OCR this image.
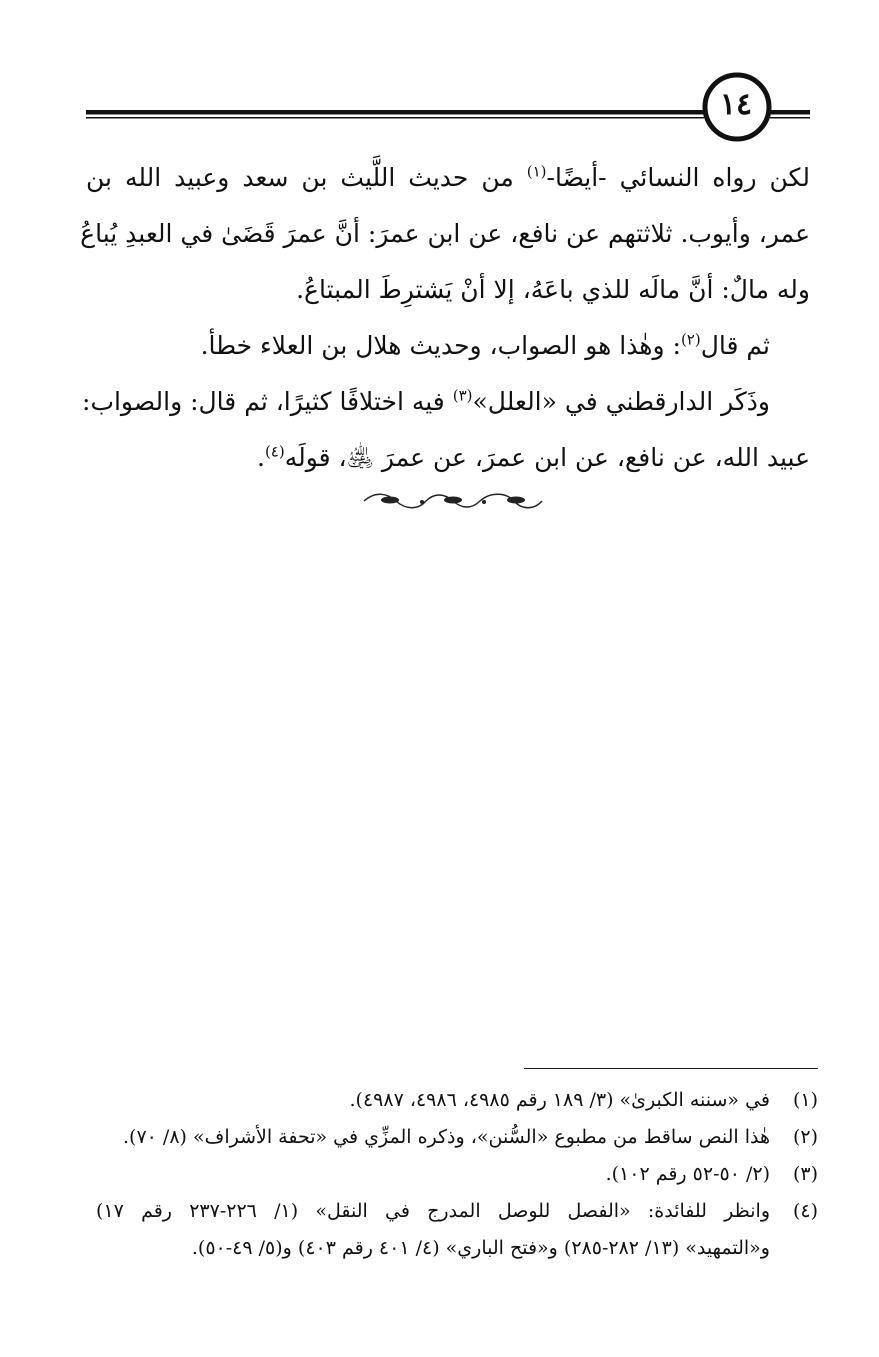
١٤
لكن رواه النسائي -أيضًا-$^{(١)}$ من حديث اللَّيث بن سعد وعبيد الله بن
عمر، وأيوب. ثلاثتهم عن نافع، عن ابن عمرَ: أنَّ عمرَ قَضَىٰ في العبدِ يُباعُ
وله مالٌ: أنَّ مالَه للذي باعَهُ، إلا أنْ يَشترِطَ المبتاعُ.
ثم قال$^{(٢)}$: وهٰذا هو الصواب، وحديث هلال بن العلاء خطأ.
وذَكَر الدارقطني في «العلل»$^{(٣)}$ فيه اختلافًا كثيرًا، ثم قال: والصواب:
عبيد الله، عن نافع، عن ابن عمرَ، عن عمرَ ﵁، قولَه$^{(٤)}$.
(١)
في «سننه الكبرىٰ» (٣/ ١٨٩ رقم ٤٩٨٥، ٤٩٨٦، ٤٩٨٧).
(٢)
هٰذا النص ساقط من مطبوع «السُّنن»، وذكره المزِّي في «تحفة الأشراف» (٨/ ٧٠).
(٣)
(٢/ ٥٠-٥٢ رقم ١٠٢).
(٤)
وانظر للفائدة: «الفصل للوصل المدرج في النقل» (١/ ٢٢٦-٢٣٧ رقم ١٧)
و«التمهيد» (١٣/ ٢٨٢-٢٨٥) و«فتح الباري» (٤/ ٤٠١ رقم ٤٠٣) و(٥/ ٤٩-٥٠).
